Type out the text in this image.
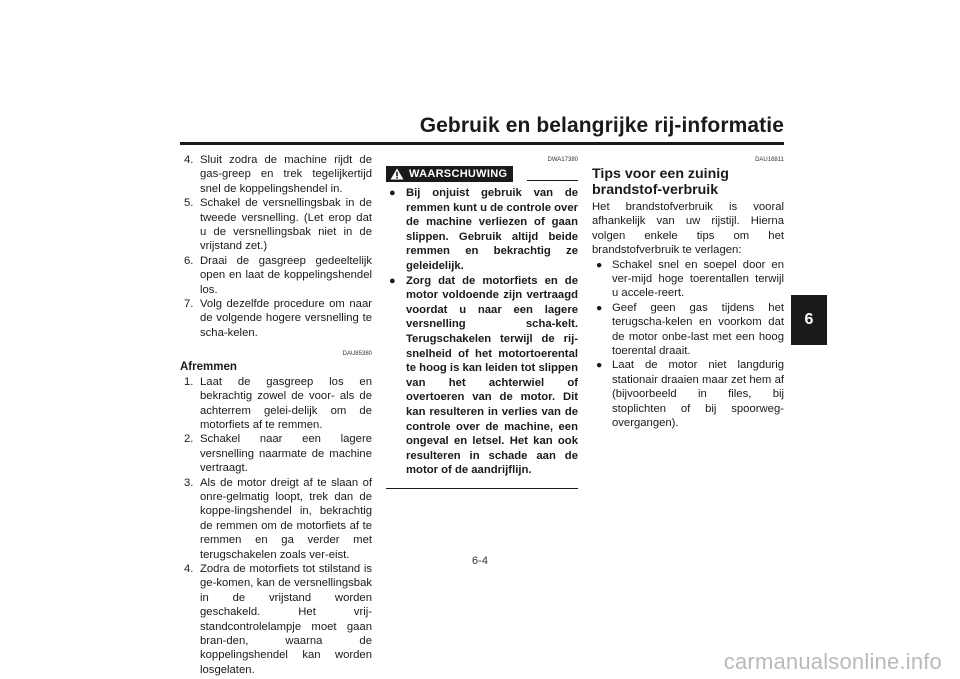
Gebruik en belangrijke rij-informatie
6
4. Sluit zodra de machine rijdt de gas-greep en trek tegelijkertijd snel de koppelingshendel in.
5. Schakel de versnellingsbak in de tweede versnelling. (Let erop dat u de versnellingsbak niet in de vrijstand zet.)
6. Draai de gasgreep gedeeltelijk open en laat de koppelingshendel los.
7. Volg dezelfde procedure om naar de volgende hogere versnelling te scha-kelen.
DAU85380
Afremmen
1. Laat de gasgreep los en bekrachtig zowel de voor- als de achterrem gelei-delijk om de motorfiets af te remmen.
2. Schakel naar een lagere versnelling naarmate de machine vertraagt.
3. Als de motor dreigt af te slaan of onre-gelmatig loopt, trek dan de koppe-lingshendel in, bekrachtig de remmen om de motorfiets af te remmen en ga verder met terugschakelen zoals ver-eist.
4. Zodra de motorfiets tot stilstand is ge-komen, kan de versnellingsbak in de vrijstand worden geschakeld. Het vrij-standcontrolelampje moet gaan bran-den, waarna de koppelingshendel kan worden losgelaten.
DWA17380
WAARSCHUWING
● Bij onjuist gebruik van de remmen kunt u de controle over de machine verliezen of gaan slippen. Gebruik altijd beide remmen en bekrachtig ze geleidelijk.
● Zorg dat de motorfiets en de motor voldoende zijn vertraagd voordat u naar een lagere versnelling scha-kelt. Terugschakelen terwijl de rij-snelheid of het motortoerental te hoog is kan leiden tot slippen van het achterwiel of overtoeren van de motor. Dit kan resulteren in verlies van de controle over de machine, een ongeval en letsel. Het kan ook resulteren in schade aan de motor of de aandrijflijn.
DAU16811
Tips voor een zuinig brandstof-verbruik
Het brandstofverbruik is vooral afhankelijk van uw rijstijl. Hierna volgen enkele tips om het brandstofverbruik te verlagen:
● Schakel snel en soepel door en ver-mijd hoge toerentallen terwijl u accele-reert.
● Geef geen gas tijdens het terugscha-kelen en voorkom dat de motor onbe-last met een hoog toerental draait.
● Laat de motor niet langdurig stationair draaien maar zet hem af (bijvoorbeeld in files, bij stoplichten of bij spoorweg-overgangen).
6-4
carmanualsonline.info
